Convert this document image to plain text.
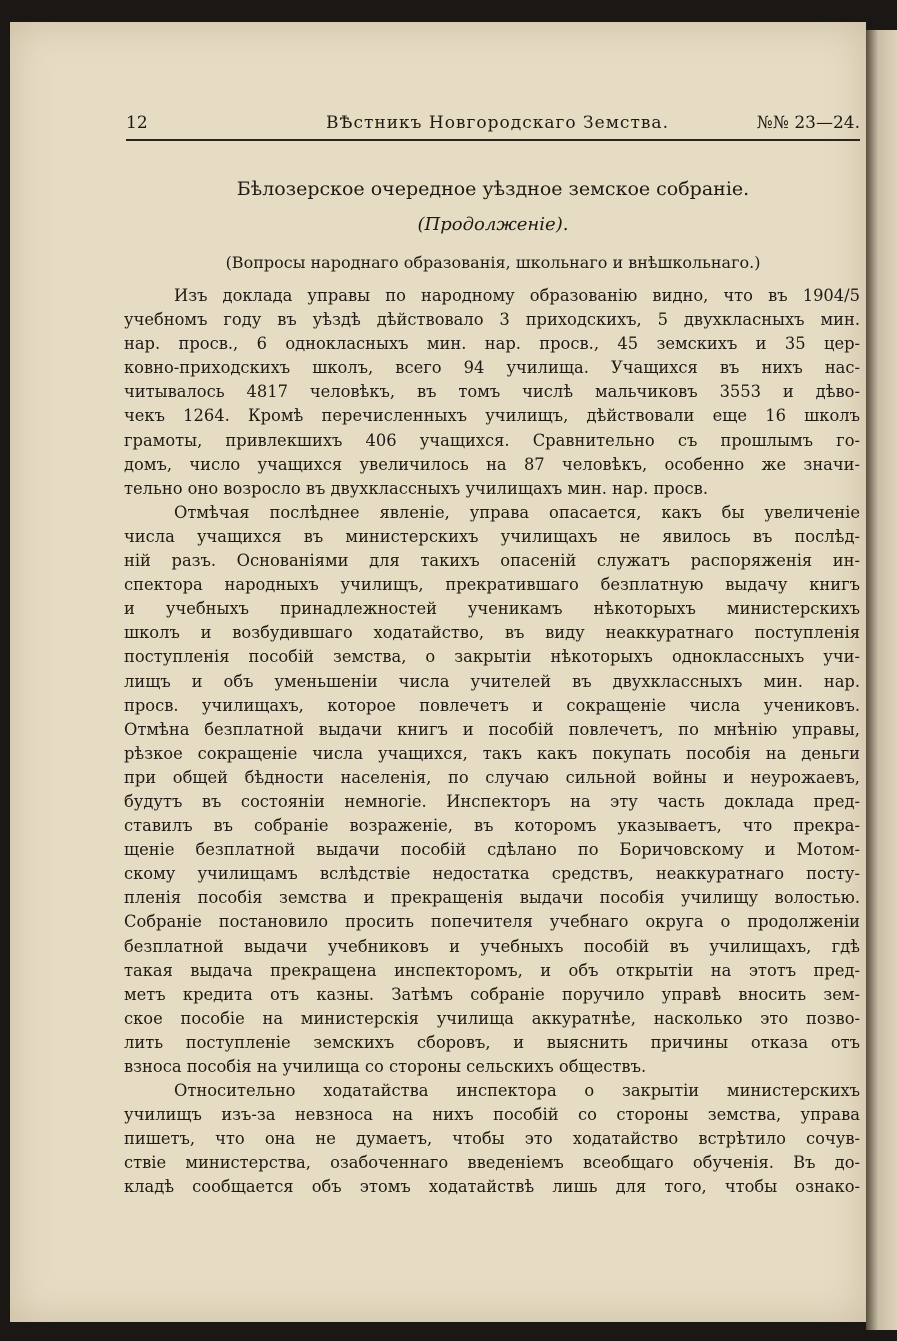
12	ВѢстникъ Новгородскаго Земства.	№№ 23—24.
Бѣлозерское очередное уѣздное земское собраніе.
(Продолженіе).
(Вопросы народнаго образованія, школьнаго и внѣшкольнаго.)
Изъ доклада управы по народному образованію видно, что въ 1904/5
учебномъ году въ уѣздѣ дѣйствовало 3 приходскихъ, 5 двухкласныхъ мин.
нар. просв., 6 одноклaсныхъ мин. нар. просв., 45 земскихъ и 35 цер-
ковно-приходскихъ школъ, всего 94 училища. Учащихся въ нихъ нас-
читывалось 4817 человѣкъ, въ томъ числѣ мальчиковъ 3553 и дѣво-
чекъ 1264. Кромѣ перечисленныхъ училищъ, дѣйствовали еще 16 школъ
грамоты, привлекшихъ 406 учащихся. Сравнительно съ прошлымъ го-
домъ, число учащихся увеличилось на 87 человѣкъ, особенно же значи-
тельно оно возросло въ двухклассныхъ училищахъ мин. нар. просв.
Отмѣчая послѣднее явленіе, управа опасается, какъ бы увеличеніе
числа учащихся въ министерскихъ училищахъ не явилось въ послѣд-
ній разъ. Основаніями для такихъ опасеній служатъ распоряженія ин-
спектора народныхъ училищъ, прекратившаго безплатную выдачу книгъ
и учебныхъ принадлежностей ученикамъ нѣкоторыхъ министерскихъ
школъ и возбудившаго ходатайство, въ виду неаккуратнаго поступленія
поступленія пособій земства, о закрытіи нѣкоторыхъ одноклассныхъ учи-
лищъ и объ уменьшеніи числа учителей въ двухклассныхъ мин. нар.
просв. училищахъ, которое повлечетъ и сокращеніе числа учениковъ.
Отмѣна безплатной выдачи книгъ и пособій повлечетъ, по мнѣнію управы,
рѣзкое сокращеніе числа учащихся, такъ какъ покупать пособія на деньги
при общей бѣдности населенія, по случаю сильной войны и неурожаевъ,
будутъ въ состояніи немногіе. Инспекторъ на эту часть доклада пред-
ставилъ въ собраніе возраженіе, въ которомъ указываетъ, что прекра-
щеніе безплатной выдачи пособій сдѣлано по Боричовскому и Мотом-
скому училищамъ вслѣдствіе недостатка средствъ, неаккуратнаго посту-
пленія пособія земства и прекращенія выдачи пособія училищу волостью.
Собраніе постановило просить попечителя учебнаго округа о продолженіи
безплатной выдачи учебниковъ и учебныхъ пособій въ училищахъ, гдѣ
такая выдача прекращена инспекторомъ, и объ открытіи на этотъ пред-
метъ кредита отъ казны. Затѣмъ собраніе поручило управѣ вносить зем-
ское пособіе на министерскія училища аккуратнѣе, насколько это позво-
лить поступленіе земскихъ сборовъ, и выяснить причины отказа отъ
взноса пособія на училища со стороны сельскихъ обществъ.
Относительно ходатайства инспектора о закрытіи министерскихъ
училищъ изъ-за невзноса на нихъ пособій со стороны земства, управа
пишетъ, что она не думаетъ, чтобы это ходатайство встрѣтило сочув-
ствіе министерства, озабоченнаго введеніемъ всеобщаго обученія. Въ до-
кладѣ сообщается объ этомъ ходатайствѣ лишь для того, чтобы ознако-
